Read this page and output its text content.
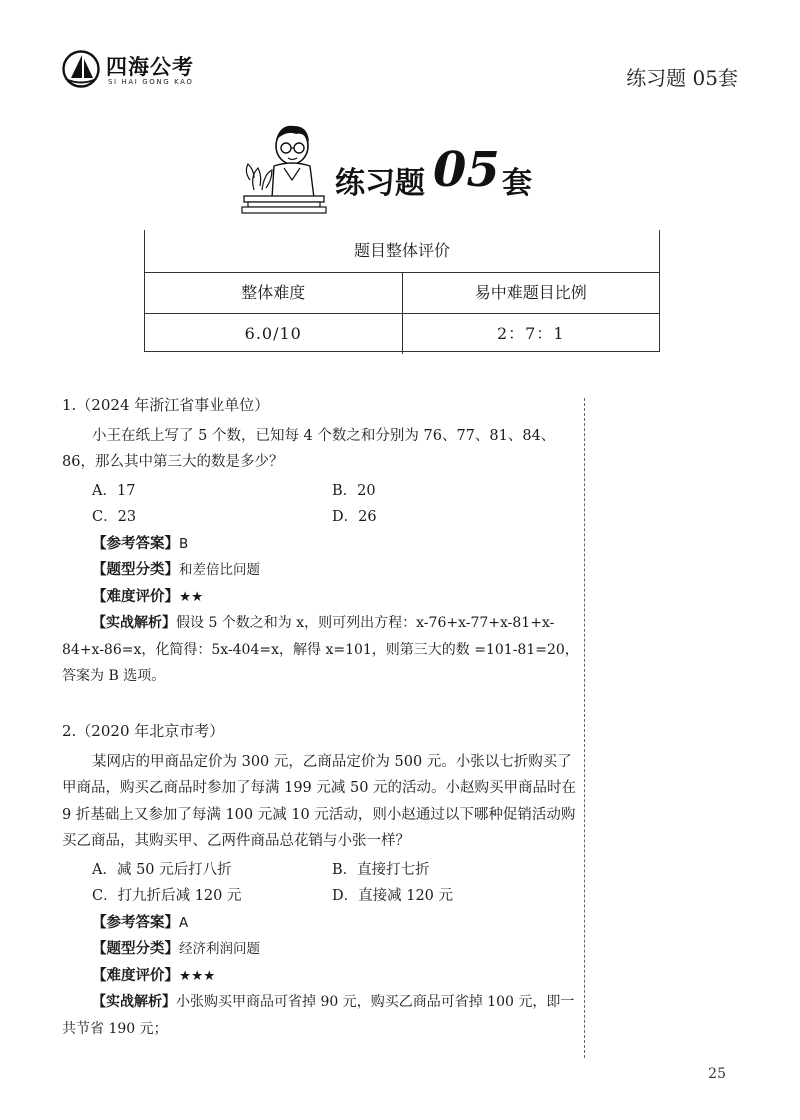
四海公考
SI HAI GONG KAO	练习题 05套
练习题 05 套
题目整体评价
整体难度	易中难题目比例
6.0/10	2：7：1
1.（2024 年浙江省事业单位）
小王在纸上写了 5 个数，已知每 4 个数之和分别为 76、77、81、84、86，那么其中第三大的数是多少？
A．17	B．20
C．23	D．26
【参考答案】B
【题型分类】和差倍比问题
【难度评价】★★
【实战解析】假设 5 个数之和为 x，则可列出方程：x-76+x-77+x-81+x-84+x-86=x，化简得：5x-404=x，解得 x=101，则第三大的数 =101-81=20，答案为 B 选项。
2.（2020 年北京市考）
某网店的甲商品定价为 300 元，乙商品定价为 500 元。小张以七折购买了甲商品，购买乙商品时参加了每满 199 元减 50 元的活动。小赵购买甲商品时在 9 折基础上又参加了每满 100 元减 10 元活动，则小赵通过以下哪种促销活动购买乙商品，其购买甲、乙两件商品总花销与小张一样？
A．减 50 元后打八折	B．直接打七折
C．打九折后减 120 元	D．直接减 120 元
【参考答案】A
【题型分类】经济利润问题
【难度评价】★★★
【实战解析】小张购买甲商品可省掉 90 元，购买乙商品可省掉 100 元，即一共节省 190 元；
25
